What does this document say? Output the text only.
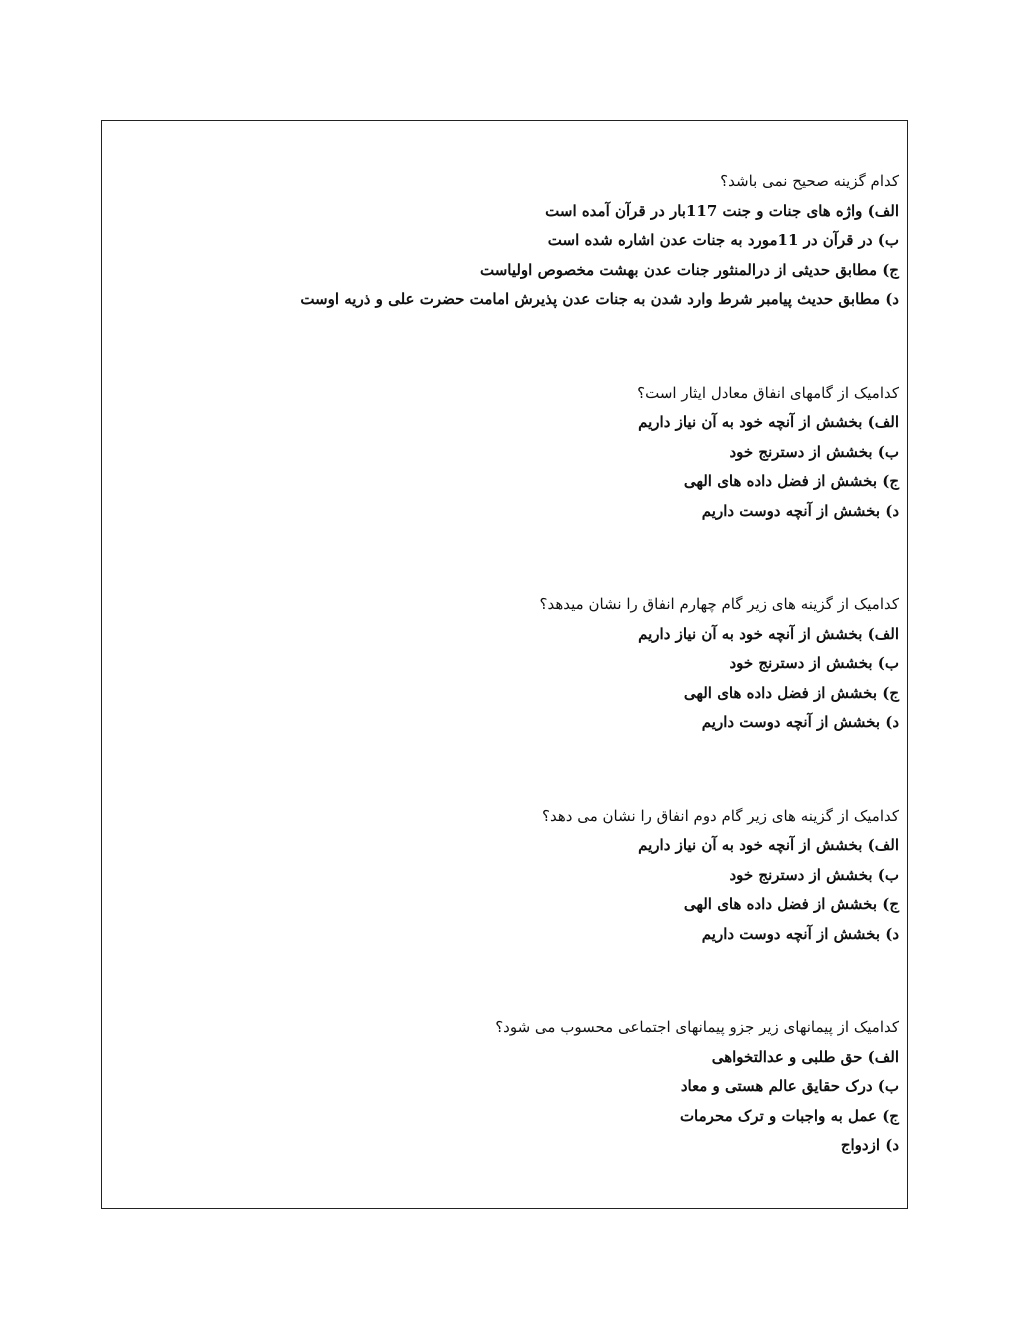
کدام گزینه صحیح نمی باشد؟
الف) واژه های جنات و جنت 117بار در قرآن آمده است
ب) در قرآن در 11مورد به جنات عدن اشاره شده است
ج) مطابق حدیثی از درالمنثور جنات عدن بهشت مخصوص اولیاست
د) مطابق حدیث پیامبر شرط وارد شدن به جنات عدن پذیرش امامت حضرت علی و ذریه اوست
کدامیک از گامهای انفاق معادل ایثار است؟
الف) بخشش از آنچه خود به آن نیاز داریم
ب) بخشش از دسترنج خود
ج) بخشش از فضل داده های الهی
د) بخشش از آنچه دوست داریم
کدامیک از گزینه های زیر گام چهارم انفاق را نشان میدهد؟
الف) بخشش از آنچه خود به آن نیاز داریم
ب) بخشش از دسترنج خود
ج) بخشش از فضل داده های الهی
د) بخشش از آنچه دوست داریم
کدامیک از گزینه های زیر گام دوم انفاق را نشان می دهد؟
الف) بخشش از آنچه خود به آن نیاز داریم
ب) بخشش از دسترنج خود
ج) بخشش از فضل داده های الهی
د) بخشش از آنچه دوست داریم
کدامیک از پیمانهای زیر جزو پیمانهای اجتماعی محسوب می شود؟
الف) حق طلبی و عدالتخواهی
ب) درک حقایق عالم هستی و معاد
ج) عمل به واجبات و ترک محرمات
د) ازدواج
